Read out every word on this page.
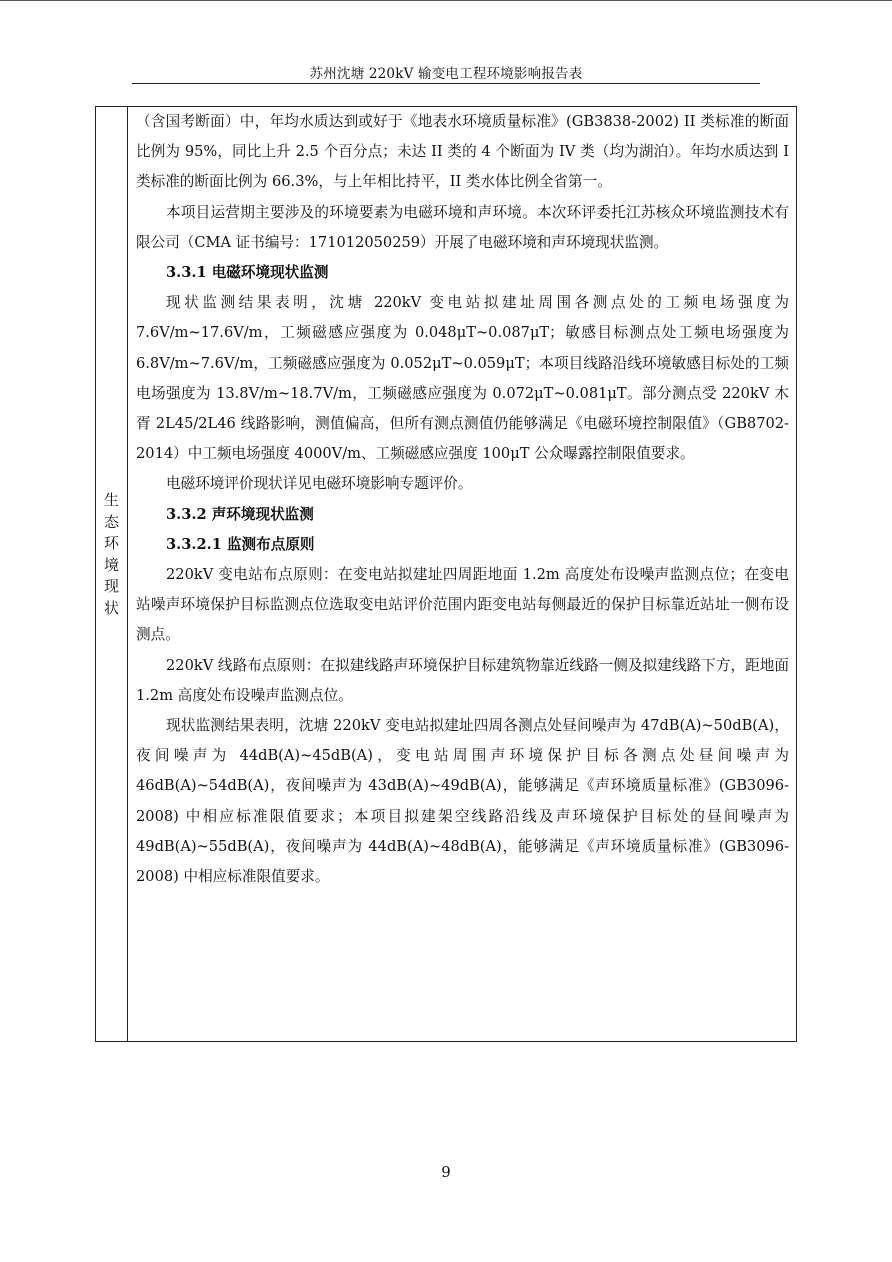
苏州沈塘 220kV 输变电工程环境影响报告表
生
态
环
境
现
状

（含国考断面）中，年均水质达到或好于《地表水环境质量标准》(GB3838-2002) II 类标准的断面比例为 95%，同比上升 2.5 个百分点；未达 II 类的 4 个断面为 IV 类（均为湖泊）。年均水质达到 I 类标准的断面比例为 66.3%，与上年相比持平，II 类水体比例全省第一。

本项目运营期主要涉及的环境要素为电磁环境和声环境。本次环评委托江苏核众环境监测技术有限公司（CMA 证书编号：171012050259）开展了电磁环境和声环境现状监测。

3.3.1 电磁环境现状监测

现状监测结果表明，沈塘 220kV 变电站拟建址周围各测点处的工频电场强度为 7.6V/m~17.6V/m，工频磁感应强度为 0.048μT~0.087μT；敏感目标测点处工频电场强度为 6.8V/m~7.6V/m，工频磁感应强度为 0.052μT~0.059μT；本项目线路沿线环境敏感目标处的工频电场强度为 13.8V/m~18.7V/m，工频磁感应强度为 0.072μT~0.081μT。部分测点受 220kV 木胥 2L45/2L46 线路影响，测值偏高，但所有测点测值仍能够满足《电磁环境控制限值》（GB8702-2014）中工频电场强度 4000V/m、工频磁感应强度 100μT 公众曝露控制限值要求。

电磁环境评价现状详见电磁环境影响专题评价。

3.3.2 声环境现状监测

3.3.2.1 监测布点原则

220kV 变电站布点原则：在变电站拟建址四周距地面 1.2m 高度处布设噪声监测点位；在变电站噪声环境保护目标监测点位选取变电站评价范围内距变电站每侧最近的保护目标靠近站址一侧布设测点。

220kV 线路布点原则：在拟建线路声环境保护目标建筑物靠近线路一侧及拟建线路下方，距地面 1.2m 高度处布设噪声监测点位。

现状监测结果表明，沈塘 220kV 变电站拟建址四周各测点处昼间噪声为 47dB(A)~50dB(A)，夜间噪声为 44dB(A)~45dB(A)，变电站周围声环境保护目标各测点处昼间噪声为 46dB(A)~54dB(A)，夜间噪声为 43dB(A)~49dB(A)，能够满足《声环境质量标准》(GB3096-2008) 中相应标准限值要求；本项目拟建架空线路沿线及声环境保护目标处的昼间噪声为 49dB(A)~55dB(A)，夜间噪声为 44dB(A)~48dB(A)，能够满足《声环境质量标准》(GB3096-2008) 中相应标准限值要求。

9
